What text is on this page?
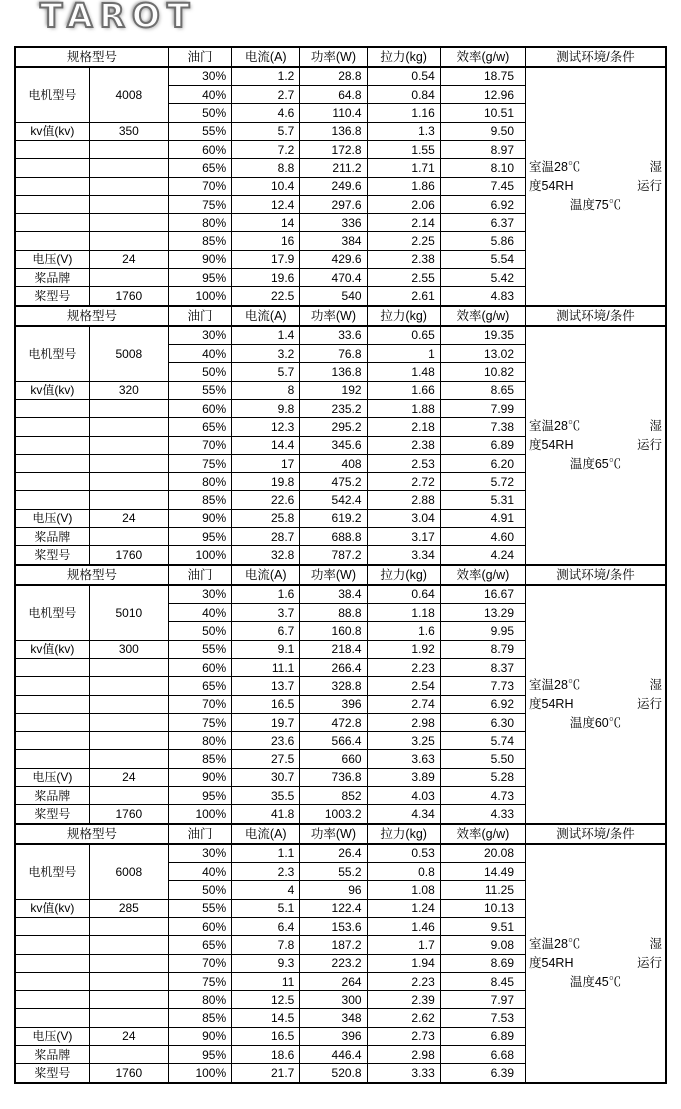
TAROT
规格型号		油门	电流(A)	功率(W)	拉力(kg)	效率(g/w)	测试环境/条件
电机型号	4008	30%	1.2	28.8	0.54	18.75	室温28℃ 湿
度54RH 运行
温度75℃

		40%	2.7	64.8	0.84	12.96	
		50%	4.6	110.4	1.16	10.51	
kv值(kv)	350	55%	5.7	136.8	1.3	9.50	
		60%	7.2	172.8	1.55	8.97	
		65%	8.8	211.2	1.71	8.10	
		70%	10.4	249.6	1.86	7.45	
		75%	12.4	297.6	2.06	6.92	
		80%	14	336	2.14	6.37	
		85%	16	384	2.25	5.86	
电压(V)	24	90%	17.9	429.6	2.38	5.54	
桨品牌		95%	19.6	470.4	2.55	5.42	
桨型号	1760	100%	22.5	540	2.61	4.83	
规格型号		油门	电流(A)	功率(W)	拉力(kg)	效率(g/w)	测试环境/条件
电机型号	5008	30%	1.4	33.6	0.65	19.35	室温28℃ 湿
度54RH 运行
温度65℃

		40%	3.2	76.8	1	13.02	
		50%	5.7	136.8	1.48	10.82	
kv值(kv)	320	55%	8	192	1.66	8.65	
		60%	9.8	235.2	1.88	7.99	
		65%	12.3	295.2	2.18	7.38	
		70%	14.4	345.6	2.38	6.89	
		75%	17	408	2.53	6.20	
		80%	19.8	475.2	2.72	5.72	
		85%	22.6	542.4	2.88	5.31	
电压(V)	24	90%	25.8	619.2	3.04	4.91	
桨品牌		95%	28.7	688.8	3.17	4.60	
桨型号	1760	100%	32.8	787.2	3.34	4.24	
规格型号		油门	电流(A)	功率(W)	拉力(kg)	效率(g/w)	测试环境/条件
电机型号	5010	30%	1.6	38.4	0.64	16.67	室温28℃ 湿
度54RH 运行
温度60℃

		40%	3.7	88.8	1.18	13.29	
		50%	6.7	160.8	1.6	9.95	
kv值(kv)	300	55%	9.1	218.4	1.92	8.79	
		60%	11.1	266.4	2.23	8.37	
		65%	13.7	328.8	2.54	7.73	
		70%	16.5	396	2.74	6.92	
		75%	19.7	472.8	2.98	6.30	
		80%	23.6	566.4	3.25	5.74	
		85%	27.5	660	3.63	5.50	
电压(V)	24	90%	30.7	736.8	3.89	5.28	
桨品牌		95%	35.5	852	4.03	4.73	
桨型号	1760	100%	41.8	1003.2	4.34	4.33	
规格型号		油门	电流(A)	功率(W)	拉力(kg)	效率(g/w)	测试环境/条件
电机型号	6008	30%	1.1	26.4	0.53	20.08	室温28℃ 湿
度54RH 运行
温度45℃

		40%	2.3	55.2	0.8	14.49	
		50%	4	96	1.08	11.25	
kv值(kv)	285	55%	5.1	122.4	1.24	10.13	
		60%	6.4	153.6	1.46	9.51	
		65%	7.8	187.2	1.7	9.08	
		70%	9.3	223.2	1.94	8.69	
		75%	11	264	2.23	8.45	
		80%	12.5	300	2.39	7.97	
		85%	14.5	348	2.62	7.53	
电压(V)	24	90%	16.5	396	2.73	6.89	
桨品牌		95%	18.6	446.4	2.98	6.68	
桨型号	1760	100%	21.7	520.8	3.33	6.39	
